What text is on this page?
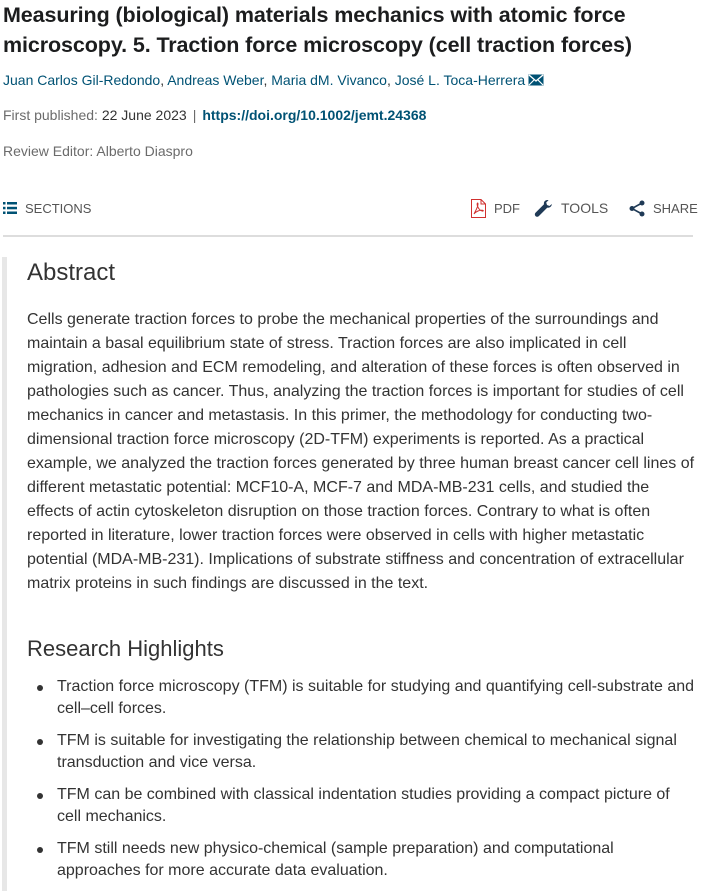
Measuring (biological) materials mechanics with atomic force microscopy. 5. Traction force microscopy (cell traction forces)
Juan Carlos Gil-Redondo, Andreas Weber, Maria dM. Vivanco, José L. Toca-Herrera
First published: 22 June 2023 | https://doi.org/10.1002/jemt.24368
Review Editor: Alberto Diaspro
SECTIONS	PDF	TOOLS	SHARE
Abstract

Cells generate traction forces to probe the mechanical properties of the surroundings and maintain a basal equilibrium state of stress. Traction forces are also implicated in cell migration, adhesion and ECM remodeling, and alteration of these forces is often observed in pathologies such as cancer. Thus, analyzing the traction forces is important for studies of cell mechanics in cancer and metastasis. In this primer, the methodology for conducting two-dimensional traction force microscopy (2D-TFM) experiments is reported. As a practical example, we analyzed the traction forces generated by three human breast cancer cell lines of different metastatic potential: MCF10-A, MCF-7 and MDA-MB-231 cells, and studied the effects of actin cytoskeleton disruption on those traction forces. Contrary to what is often reported in literature, lower traction forces were observed in cells with higher metastatic potential (MDA-MB-231). Implications of substrate stiffness and concentration of extracellular matrix proteins in such findings are discussed in the text.

Research Highlights
Traction force microscopy (TFM) is suitable for studying and quantifying cell-substrate and cell–cell forces.
TFM is suitable for investigating the relationship between chemical to mechanical signal transduction and vice versa.
TFM can be combined with classical indentation studies providing a compact picture of cell mechanics.
TFM still needs new physico-chemical (sample preparation) and computational approaches for more accurate data evaluation.
